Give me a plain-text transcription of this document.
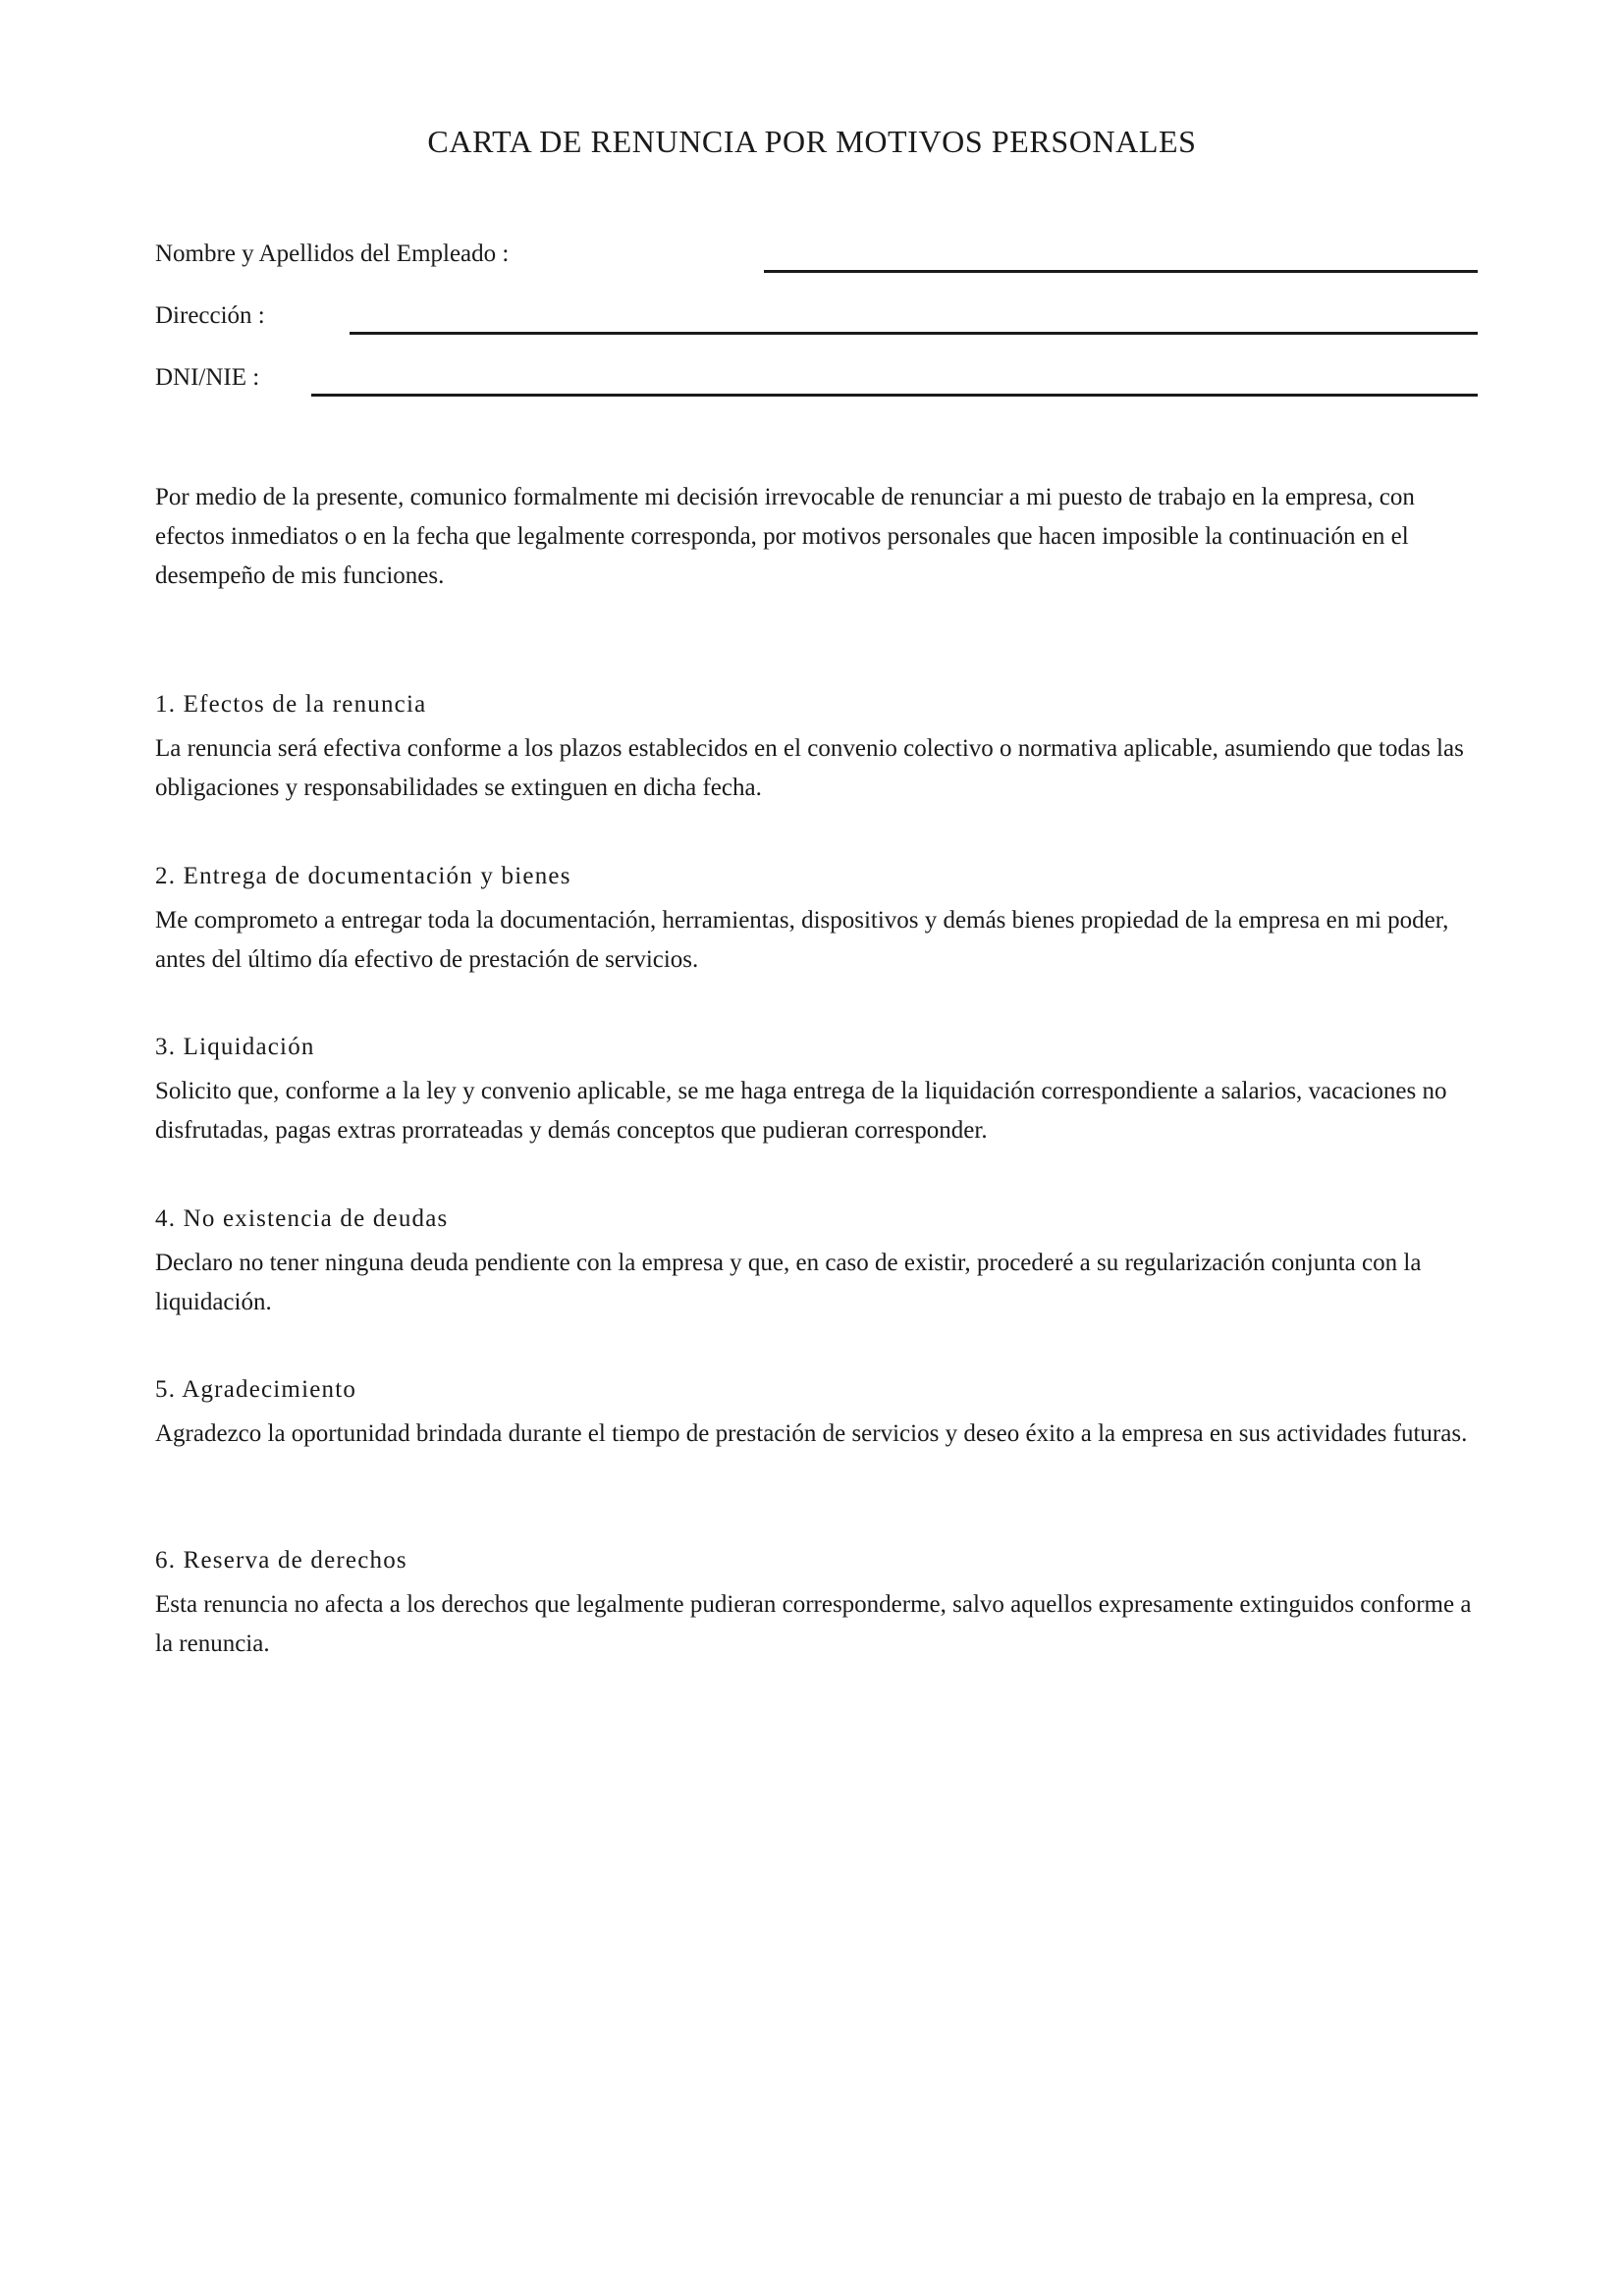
CARTA DE RENUNCIA POR MOTIVOS PERSONALES
Nombre y Apellidos del Empleado :
Dirección :
DNI/NIE :

Por medio de la presente, comunico formalmente mi decisión irrevocable de renunciar a mi puesto de trabajo en la empresa, con efectos inmediatos o en la fecha que legalmente corresponda, por motivos personales que hacen imposible la continuación en el desempeño de mis funciones.

1. Efectos de la renuncia

La renuncia será efectiva conforme a los plazos establecidos en el convenio colectivo o normativa aplicable, asumiendo que todas las obligaciones y responsabilidades se extinguen en dicha fecha.

2. Entrega de documentación y bienes

Me comprometo a entregar toda la documentación, herramientas, dispositivos y demás bienes propiedad de la empresa en mi poder, antes del último día efectivo de prestación de servicios.

3. Liquidación

Solicito que, conforme a la ley y convenio aplicable, se me haga entrega de la liquidación correspondiente a salarios, vacaciones no disfrutadas, pagas extras prorrateadas y demás conceptos que pudieran corresponder.

4. No existencia de deudas

Declaro no tener ninguna deuda pendiente con la empresa y que, en caso de existir, procederé a su regularización conjunta con la liquidación.

5. Agradecimiento

Agradezco la oportunidad brindada durante el tiempo de prestación de servicios y deseo éxito a la empresa en sus actividades futuras.

6. Reserva de derechos

Esta renuncia no afecta a los derechos que legalmente pudieran corresponderme, salvo aquellos expresamente extinguidos conforme a la renuncia.
